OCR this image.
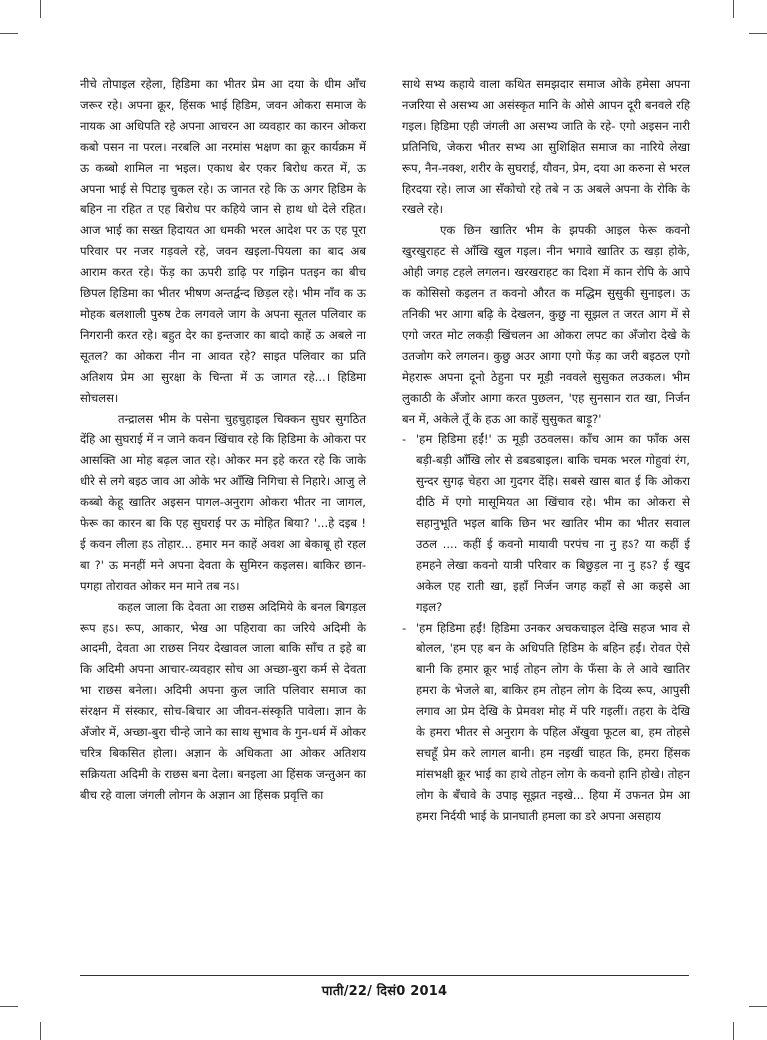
नीचे तोपाइल रहेला, हिडिमा का भीतर प्रेम आ दया के धीम आँच जरूर रहे। अपना क्रूर, हिंसक भाई हिडिम, जवन ओकरा समाज के नायक आ अधिपति रहे अपना आचरन आ व्यवहार का कारन ओकरा कबो पसन ना परल। नरबलि आ नरमांस भक्षण का क्रूर कार्यक्रम में ऊ कब्बो शामिल ना भइल। एकाध बेर एकर बिरोध करत में, ऊ अपना भाई से पिटाइ चुकल रहे। ऊ जानत रहे कि ऊ अगर हिडिम के बहिन ना रहित त एह बिरोध पर कहिये जान से हाथ धो देले रहित। आज भाई का सख्त हिदायत आ धमकी भरल आदेश पर ऊ एह पूरा परिवार पर नजर गड़वले रहे, जवन खइला-पियला का बाद अब आराम करत रहे। फेंड़ का ऊपरी डाढ़ि पर गझिन पतइन का बीच छिपल हिडिमा का भीतर भीषण अन्तर्द्वन्द छिड़ल रहे। भीम नाँव क ऊ मोहक बलशाली पुरुष टेक लगवले जाग के अपना सूतल पलिवार क निगरानी करत रहे। बहुत देर का इन्तजार का बादो काहें ऊ अबले ना सूतल? का ओकरा नीन ना आवत रहे? साइत पलिवार का प्रति अतिशय प्रेम आ सुरक्षा के चिन्ता में ऊ जागत रहे...। हिडिमा सोचलस।

तन्द्रालस भीम के पसेना चुहचुहाइल चिक्कन सुघर सुगठित देंहि आ सुघराई में न जाने कवन खिंचाव रहे कि हिडिमा के ओकरा पर आसक्ति आ मोह बढ़ल जात रहे। ओकर मन इहे करत रहे कि जाके धीरे से लगे बइठ जाव आ ओके भर आँखि निगिचा से निहारे। आजु ले कब्बो केहू खातिर अइसन पागल-अनुराग ओकरा भीतर ना जागल, फेरू का कारन बा कि एह सुघराई पर ऊ मोहित बिया? '...हे दइब ! ई कवन लीला हऽ तोहार... हमार मन काहें अवश आ बेकाबू हो रहल बा ?' ऊ मनहीं मने अपना देवता के सुमिरन कइलस। बाकिर छान-पगहा तोरावत ओकर मन माने तब नऽ।

कहल जाला कि देवता आ राछस अदिमिये के बनल बिगड़ल रूप हऽ। रूप, आकार, भेख आ पहिरावा का जरिये अदिमी के आदमी, देवता आ राछस नियर देखावल जाला बाकि साँच त इहे बा कि अदिमी अपना आचार-व्यवहार सोच आ अच्छा-बुरा कर्म से देवता भा राछस बनेला। अदिमी अपना कुल जाति पलिवार समाज का संरक्षन में संस्कार, सोच-बिचार आ जीवन-संस्कृति पावेला। ज्ञान के अँजोर में, अच्छा-बुरा चीन्हे जाने का साथ सुभाव के गुन-धर्म में ओकर चरित्र बिकसित होला। अज्ञान के अधिकता आ ओकर अतिशय सक्रियता अदिमी के राछस बना देला। बनइला आ हिंसक जन्तुअन का बीच रहे वाला जंगली लोगन के अज्ञान आ हिंसक प्रवृत्ति का

साथे सभ्य कहाये वाला कथित समझदार समाज ओके हमेसा अपना नजरिया से असभ्य आ असंस्कृत मानि के ओसे आपन दूरी बनवले रहि गइल। हिडिमा एही जंगली आ असभ्य जाति के रहे- एगो अइसन नारी प्रतिनिधि, जेकरा भीतर सभ्य आ सुशिक्षित समाज का नारिये लेखा रूप, नैन-नक्श, शरीर के सुघराई, यौवन, प्रेम, दया आ करुना से भरल हिरदया रहे। लाज आ सँकोचो रहे तबे न ऊ अबले अपना के रोकि के रखले रहे।

एक छिन खातिर भीम के झपकी आइल फेरू कवनो खुरखुराहट से आँखि खुल गइल। नीन भगावे खातिर ऊ खड़ा होके, ओही जगह टहले लगलन। खरखराहट का दिशा में कान रोपि के आपे क कोसिसो कइलन त कवनो औरत क मद्धिम सुसुकी सुनाइल। ऊ तनिकी भर आगा बढ़ि के देखलन, कुछु ना सूझल त जरत आग में से एगो जरत मोट लकड़ी खिंचलन आ ओकरा लपट का अँजोरा देखे के उतजोग करे लगलन। कुछु अउर आगा एगो फेंड़ का जरी बइठल एगो मेहरारू अपना दूनो ठेहुना पर मूड़ी नववले सुसुकत लउकल। भीम लुकाठी के अँजोर आगा करत पुछलन, 'एह सुनसान रात खा, निर्जन बन में, अकेले तूँ के हऊ आ काहें सुसुकत बाड़ू?'

- 'हम हिडिमा हईं!' ऊ मूड़ी उठवलस। काँच आम का फाँक अस बड़ी-बड़ी आँखि लोर से डबडबाइल। बाकि चमक भरल गोहुवां रंग, सुन्दर सुगढ़ चेहरा आ गुदगर देंहि। सबसे खास बात ई कि ओकरा दीठि में एगो मासूमियत आ खिंचाव रहे। भीम का ओकरा से सहानुभूति भइल बाकि छिन भर खातिर भीम का भीतर सवाल उठल .... कहीं ई कवनो मायावी परपंच ना नु हऽ? या कहीं ई हमहने लेखा कवनो यात्री परिवार क बिछुड़ल ना नु हऽ? ई खुद अकेल एह राती खा, इहाँ निर्जन जगह कहाँ से आ कइसे आ गइल?
- 'हम हिडिमा हईं! हिडिमा उनकर अचकचाइल देखि सहज भाव से बोलल, 'हम एह बन के अधिपति हिडिम के बहिन हईं। रोवत ऐसे बानी कि हमार क्रूर भाई तोहन लोग के फँसा के ले आवे खातिर हमरा के भेजले बा, बाकिर हम तोहन लोग के दिव्य रूप, आपुसी लगाव आ प्रेम देखि के प्रेमवश मोह में परि गइलीं। तहरा के देखि के हमरा भीतर से अनुराग के पहिल अँखुवा फूटल बा, हम तोहसे सचहूँ प्रेम करे लागल बानी। हम नइखीं चाहत कि, हमरा हिंसक मांसभक्षी क्रूर भाई का हाथे तोहन लोग के कवनो हानि होखे। तोहन लोग के बँचावे के उपाइ सूझत नइखे... हिया में उफनत प्रेम आ हमरा निर्दयी भाई के प्रानघाती हमला का डरे अपना असहाय
पाती/22/ दिसं0 2014
